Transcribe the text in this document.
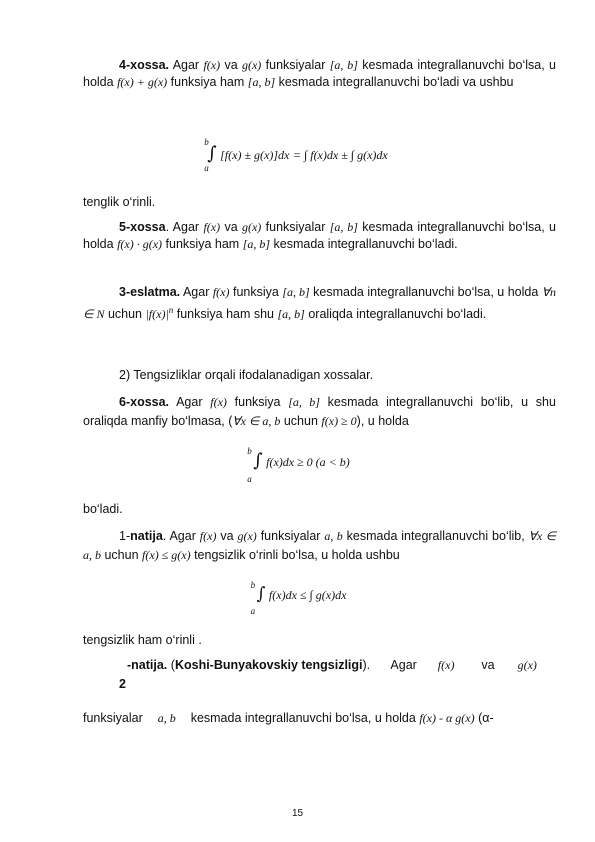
4-xossa. Agar f(x) va g(x) funksiyalar [a, b] kesmada integrallanuvchi bo‘lsa, u holda f(x) + g(x) funksiya ham [a, b] kesmada integrallanuvchi bo‘ladi va ushbu

b
∫
a
[f(x) ± g(x)]dx = ∫ f(x)dx ± ∫ g(x)dx

tenglik o‘rinli.

5-xossa. Agar f(x) va g(x) funksiyalar [a, b] kesmada integrallanuvchi bo‘lsa, u holda f(x) · g(x) funksiya ham [a, b] kesmada integrallanuvchi bo‘ladi.

3-eslatma. Agar f(x) funksiya [a, b] kesmada integrallanuvchi bo‘lsa, u holda ∀n ∈ N uchun $|f(x)|^n$ funksiya ham shu [a, b] oraliqda integrallanuvchi bo‘ladi.

2) Tengsizliklar orqali ifodalanadigan xossalar.

6-xossa. Agar f(x) funksiya [a, b] kesmada integrallanuvchi bo‘lib, u shu oraliqda manfiy bo‘lmasa, (∀x ∈ a, b uchun f(x) ≥ 0), u holda

b ∫
a
f(x)dx ≥ 0 (a < b)

bo‘ladi.

1-natija. Agar f(x) va g(x) funksiyalar a, b kesmada integrallanuvchi bo‘lib, ∀x ∈ a, b uchun f(x) ≤ g(x) tengsizlik o‘rinli bo‘lsa, u holda ushbu

b ∫
a
f(x)dx ≤ ∫ g(x)dx

tengsizlik ham o‘rinli .

-natija. (Koshi-Bunyakovskiy tengsizligi). Agar f(x) va g(x)
2

funksiyalar a, b kesmada integrallanuvchi bo‘lsa, u holda f(x) - α g(x) (α-

15
